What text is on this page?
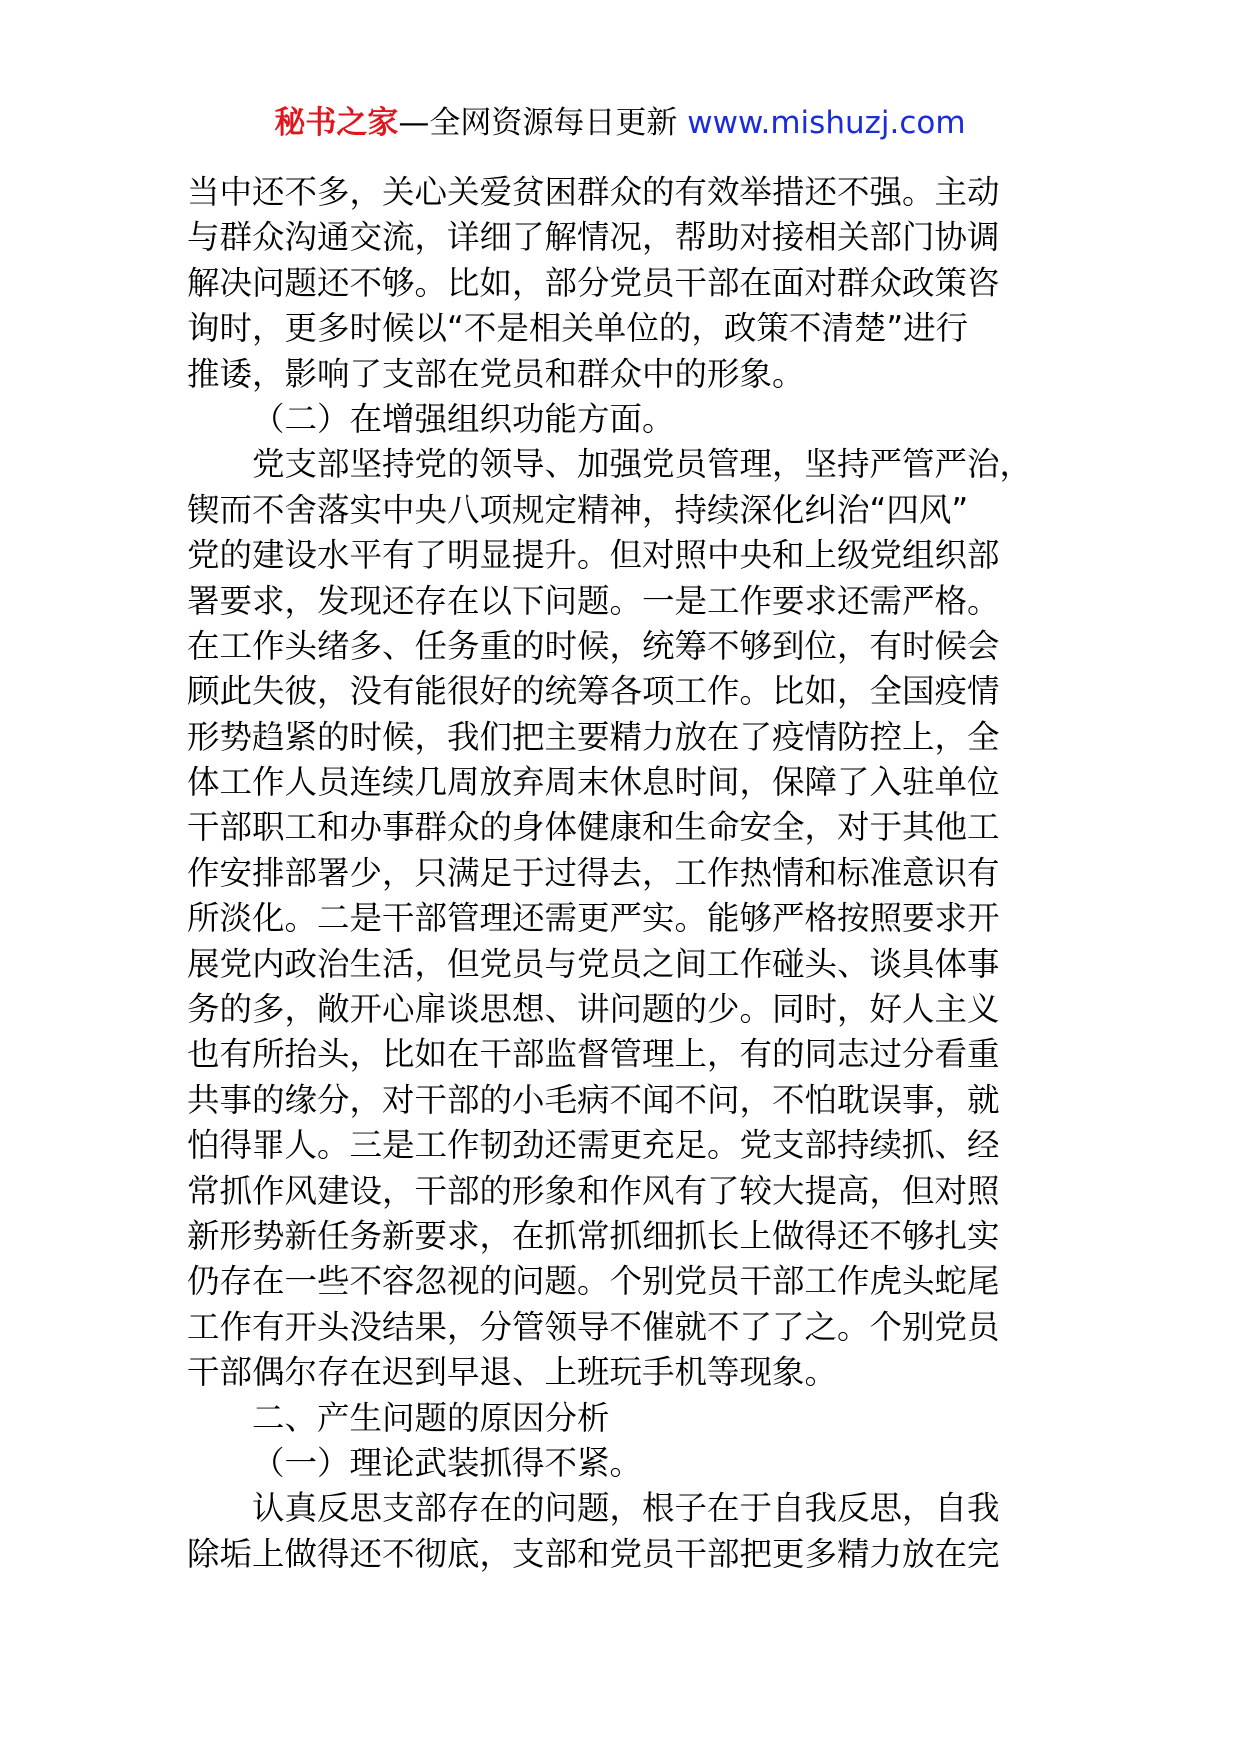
秘书之家—全网资源每日更新 www.mishuzj.com
当中还不多，关心关爱贫困群众的有效举措还不强。主动
与群众沟通交流，详细了解情况，帮助对接相关部门协调
解决问题还不够。比如，部分党员干部在面对群众政策咨
询时，更多时候以“不是相关单位的，政策不清楚”进行
推诿，影响了支部在党员和群众中的形象。
（二）在增强组织功能方面。
党支部坚持党的领导、加强党员管理，坚持严管严治，
锲而不舍落实中央八项规定精神，持续深化纠治“四风”
党的建设水平有了明显提升。但对照中央和上级党组织部
署要求，发现还存在以下问题。一是工作要求还需严格。
在工作头绪多、任务重的时候，统筹不够到位，有时候会
顾此失彼，没有能很好的统筹各项工作。比如，全国疫情
形势趋紧的时候，我们把主要精力放在了疫情防控上，全
体工作人员连续几周放弃周末休息时间，保障了入驻单位
干部职工和办事群众的身体健康和生命安全，对于其他工
作安排部署少，只满足于过得去，工作热情和标准意识有
所淡化。二是干部管理还需更严实。能够严格按照要求开
展党内政治生活，但党员与党员之间工作碰头、谈具体事
务的多，敞开心扉谈思想、讲问题的少。同时，好人主义
也有所抬头，比如在干部监督管理上，有的同志过分看重
共事的缘分，对干部的小毛病不闻不问，不怕耽误事，就
怕得罪人。三是工作韧劲还需更充足。党支部持续抓、经
常抓作风建设，干部的形象和作风有了较大提高，但对照
新形势新任务新要求，在抓常抓细抓长上做得还不够扎实
仍存在一些不容忽视的问题。个别党员干部工作虎头蛇尾
工作有开头没结果，分管领导不催就不了了之。个别党员
干部偶尔存在迟到早退、上班玩手机等现象。
二、产生问题的原因分析
（一）理论武装抓得不紧。
认真反思支部存在的问题，根子在于自我反思，自我
除垢上做得还不彻底，支部和党员干部把更多精力放在完
